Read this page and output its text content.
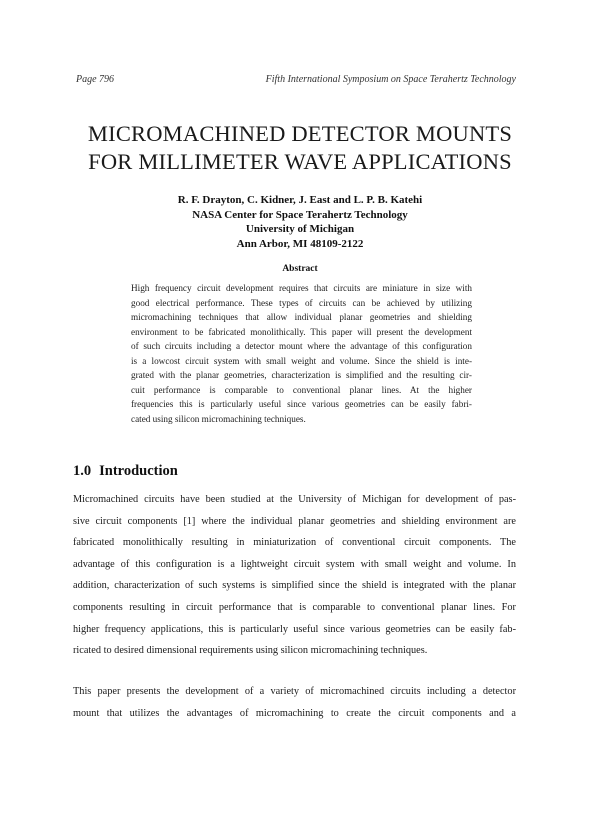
Page 796	Fifth International Symposium on Space Terahertz Technology
MICROMACHINED DETECTOR MOUNTS
FOR MILLIMETER WAVE APPLICATIONS
R. F. Drayton, C. Kidner, J. East and L. P. B. Katehi
NASA Center for Space Terahertz Technology
University of Michigan
Ann Arbor, MI 48109-2122
Abstract
High frequency circuit development requires that circuits are miniature in size with
good electrical performance. These types of circuits can be achieved by utilizing
micromachining techniques that allow individual planar geometries and shielding
environment to be fabricated monolithically. This paper will present the development
of such circuits including a detector mount where the advantage of this configuration
is a lowcost circuit system with small weight and volume. Since the shield is inte-
grated with the planar geometries, characterization is simplified and the resulting cir-
cuit performance is comparable to conventional planar lines. At the higher
frequencies this is particularly useful since various geometries can be easily fabri-
cated using silicon micromachining techniques.
1.0 Introduction
Micromachined circuits have been studied at the University of Michigan for development of pas-
sive circuit components [1] where the individual planar geometries and shielding environment are
fabricated monolithically resulting in miniaturization of conventional circuit components. The
advantage of this configuration is a lightweight circuit system with small weight and volume. In
addition, characterization of such systems is simplified since the shield is integrated with the planar
components resulting in circuit performance that is comparable to conventional planar lines. For
higher frequency applications, this is particularly useful since various geometries can be easily fab-
ricated to desired dimensional requirements using silicon micromachining techniques.
This paper presents the development of a variety of micromachined circuits including a detector
mount that utilizes the advantages of micromachining to create the circuit components and a
